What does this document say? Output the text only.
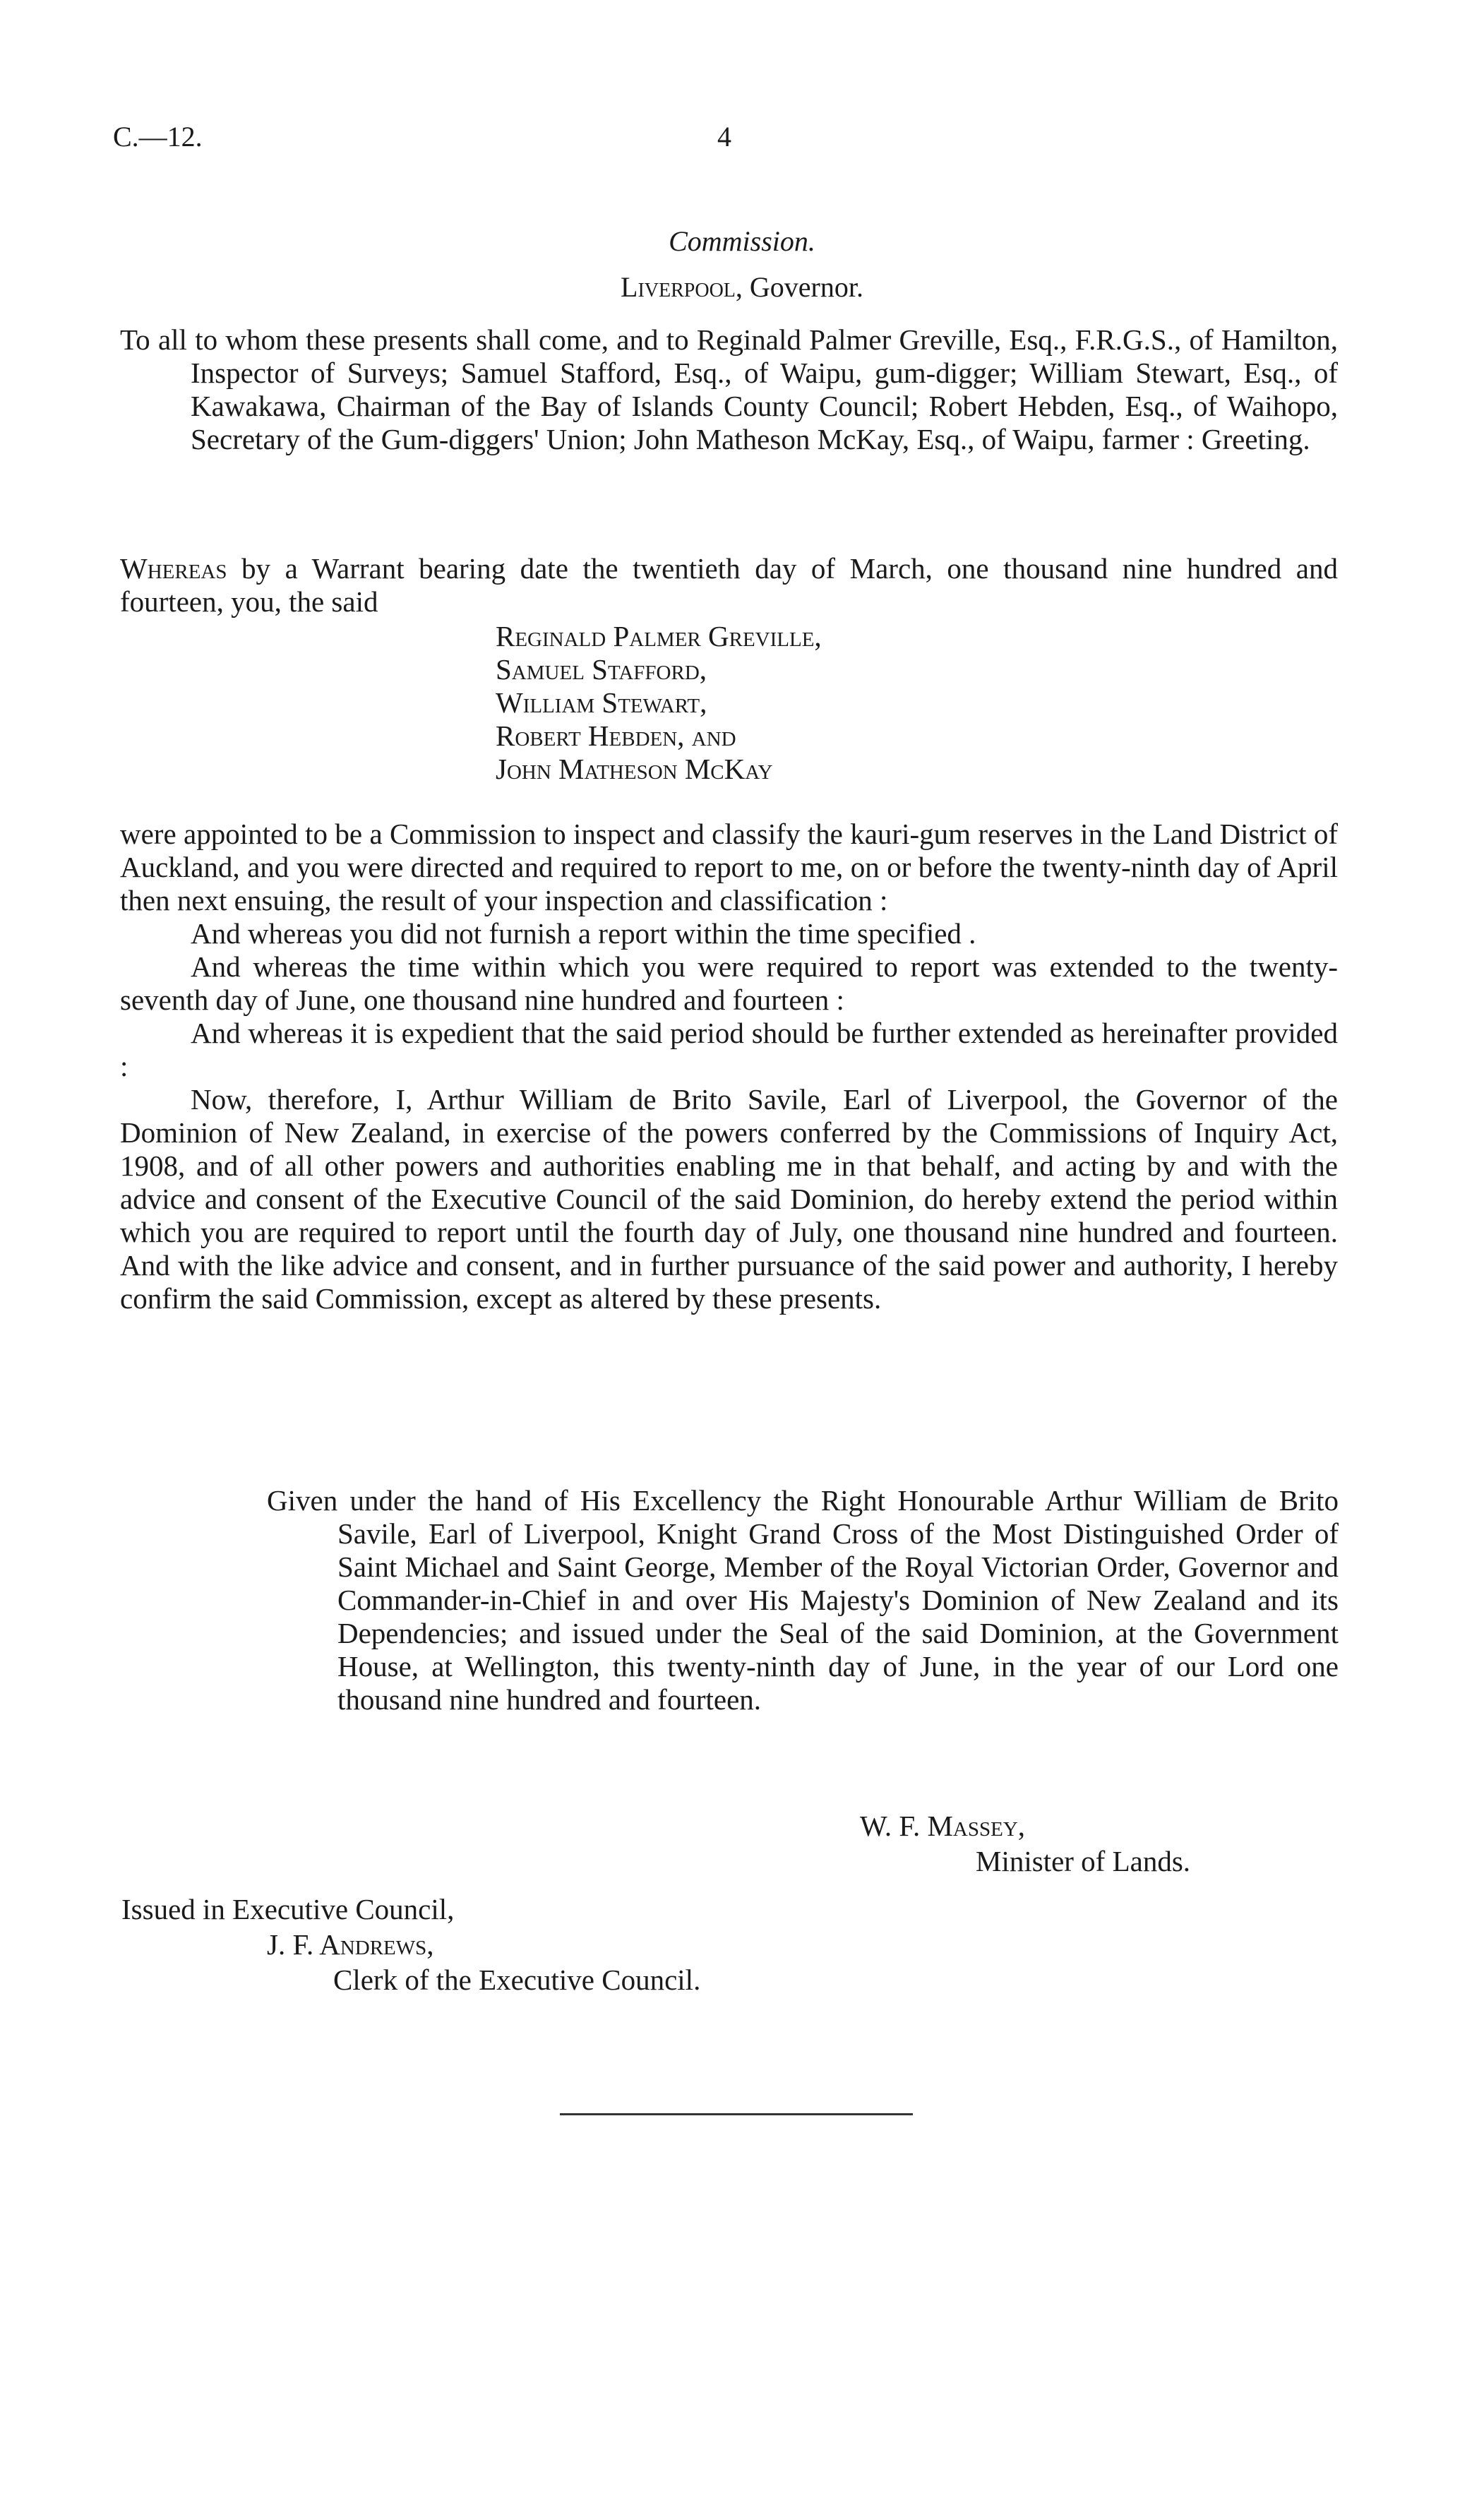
C.—12.	4
Commission.
Liverpool, Governor.

To all to whom these presents shall come, and to Reginald Palmer Greville, Esq., F.R.G.S., of Hamilton, Inspector of Surveys; Samuel Stafford, Esq., of Waipu, gum-digger; William Stewart, Esq., of Kawakawa, Chairman of the Bay of Islands County Council; Robert Hebden, Esq., of Waihopo, Secretary of the Gum-diggers' Union; John Matheson McKay, Esq., of Waipu, farmer : Greeting.

Whereas by a Warrant bearing date the twentieth day of March, one thousand nine hundred and fourteen, you, the said

Reginald Palmer Greville,
Samuel Stafford,
William Stewart,
Robert Hebden, and
John Matheson McKay

were appointed to be a Commission to inspect and classify the kauri-gum reserves in the Land District of Auckland, and you were directed and required to report to me, on or before the twenty-ninth day of April then next ensuing, the result of your inspection and classification :

And whereas you did not furnish a report within the time specified .

And whereas the time within which you were required to report was extended to the twenty-seventh day of June, one thousand nine hundred and fourteen :

And whereas it is expedient that the said period should be further extended as hereinafter provided :

Now, therefore, I, Arthur William de Brito Savile, Earl of Liverpool, the Governor of the Dominion of New Zealand, in exercise of the powers conferred by the Commissions of Inquiry Act, 1908, and of all other powers and authorities enabling me in that behalf, and acting by and with the advice and consent of the Executive Council of the said Dominion, do hereby extend the period within which you are required to report until the fourth day of July, one thousand nine hundred and fourteen. And with the like advice and consent, and in further pursuance of the said power and authority, I hereby confirm the said Commission, except as altered by these presents.

Given under the hand of His Excellency the Right Honourable Arthur William de Brito Savile, Earl of Liverpool, Knight Grand Cross of the Most Distinguished Order of Saint Michael and Saint George, Member of the Royal Victorian Order, Governor and Commander-in-Chief in and over His Majesty's Dominion of New Zealand and its Dependencies; and issued under the Seal of the said Dominion, at the Government House, at Wellington, this twenty-ninth day of June, in the year of our Lord one thousand nine hundred and fourteen.

W. F. Massey,
Minister of Lands.
Issued in Executive Council,
J. F. Andrews,
Clerk of the Executive Council.
